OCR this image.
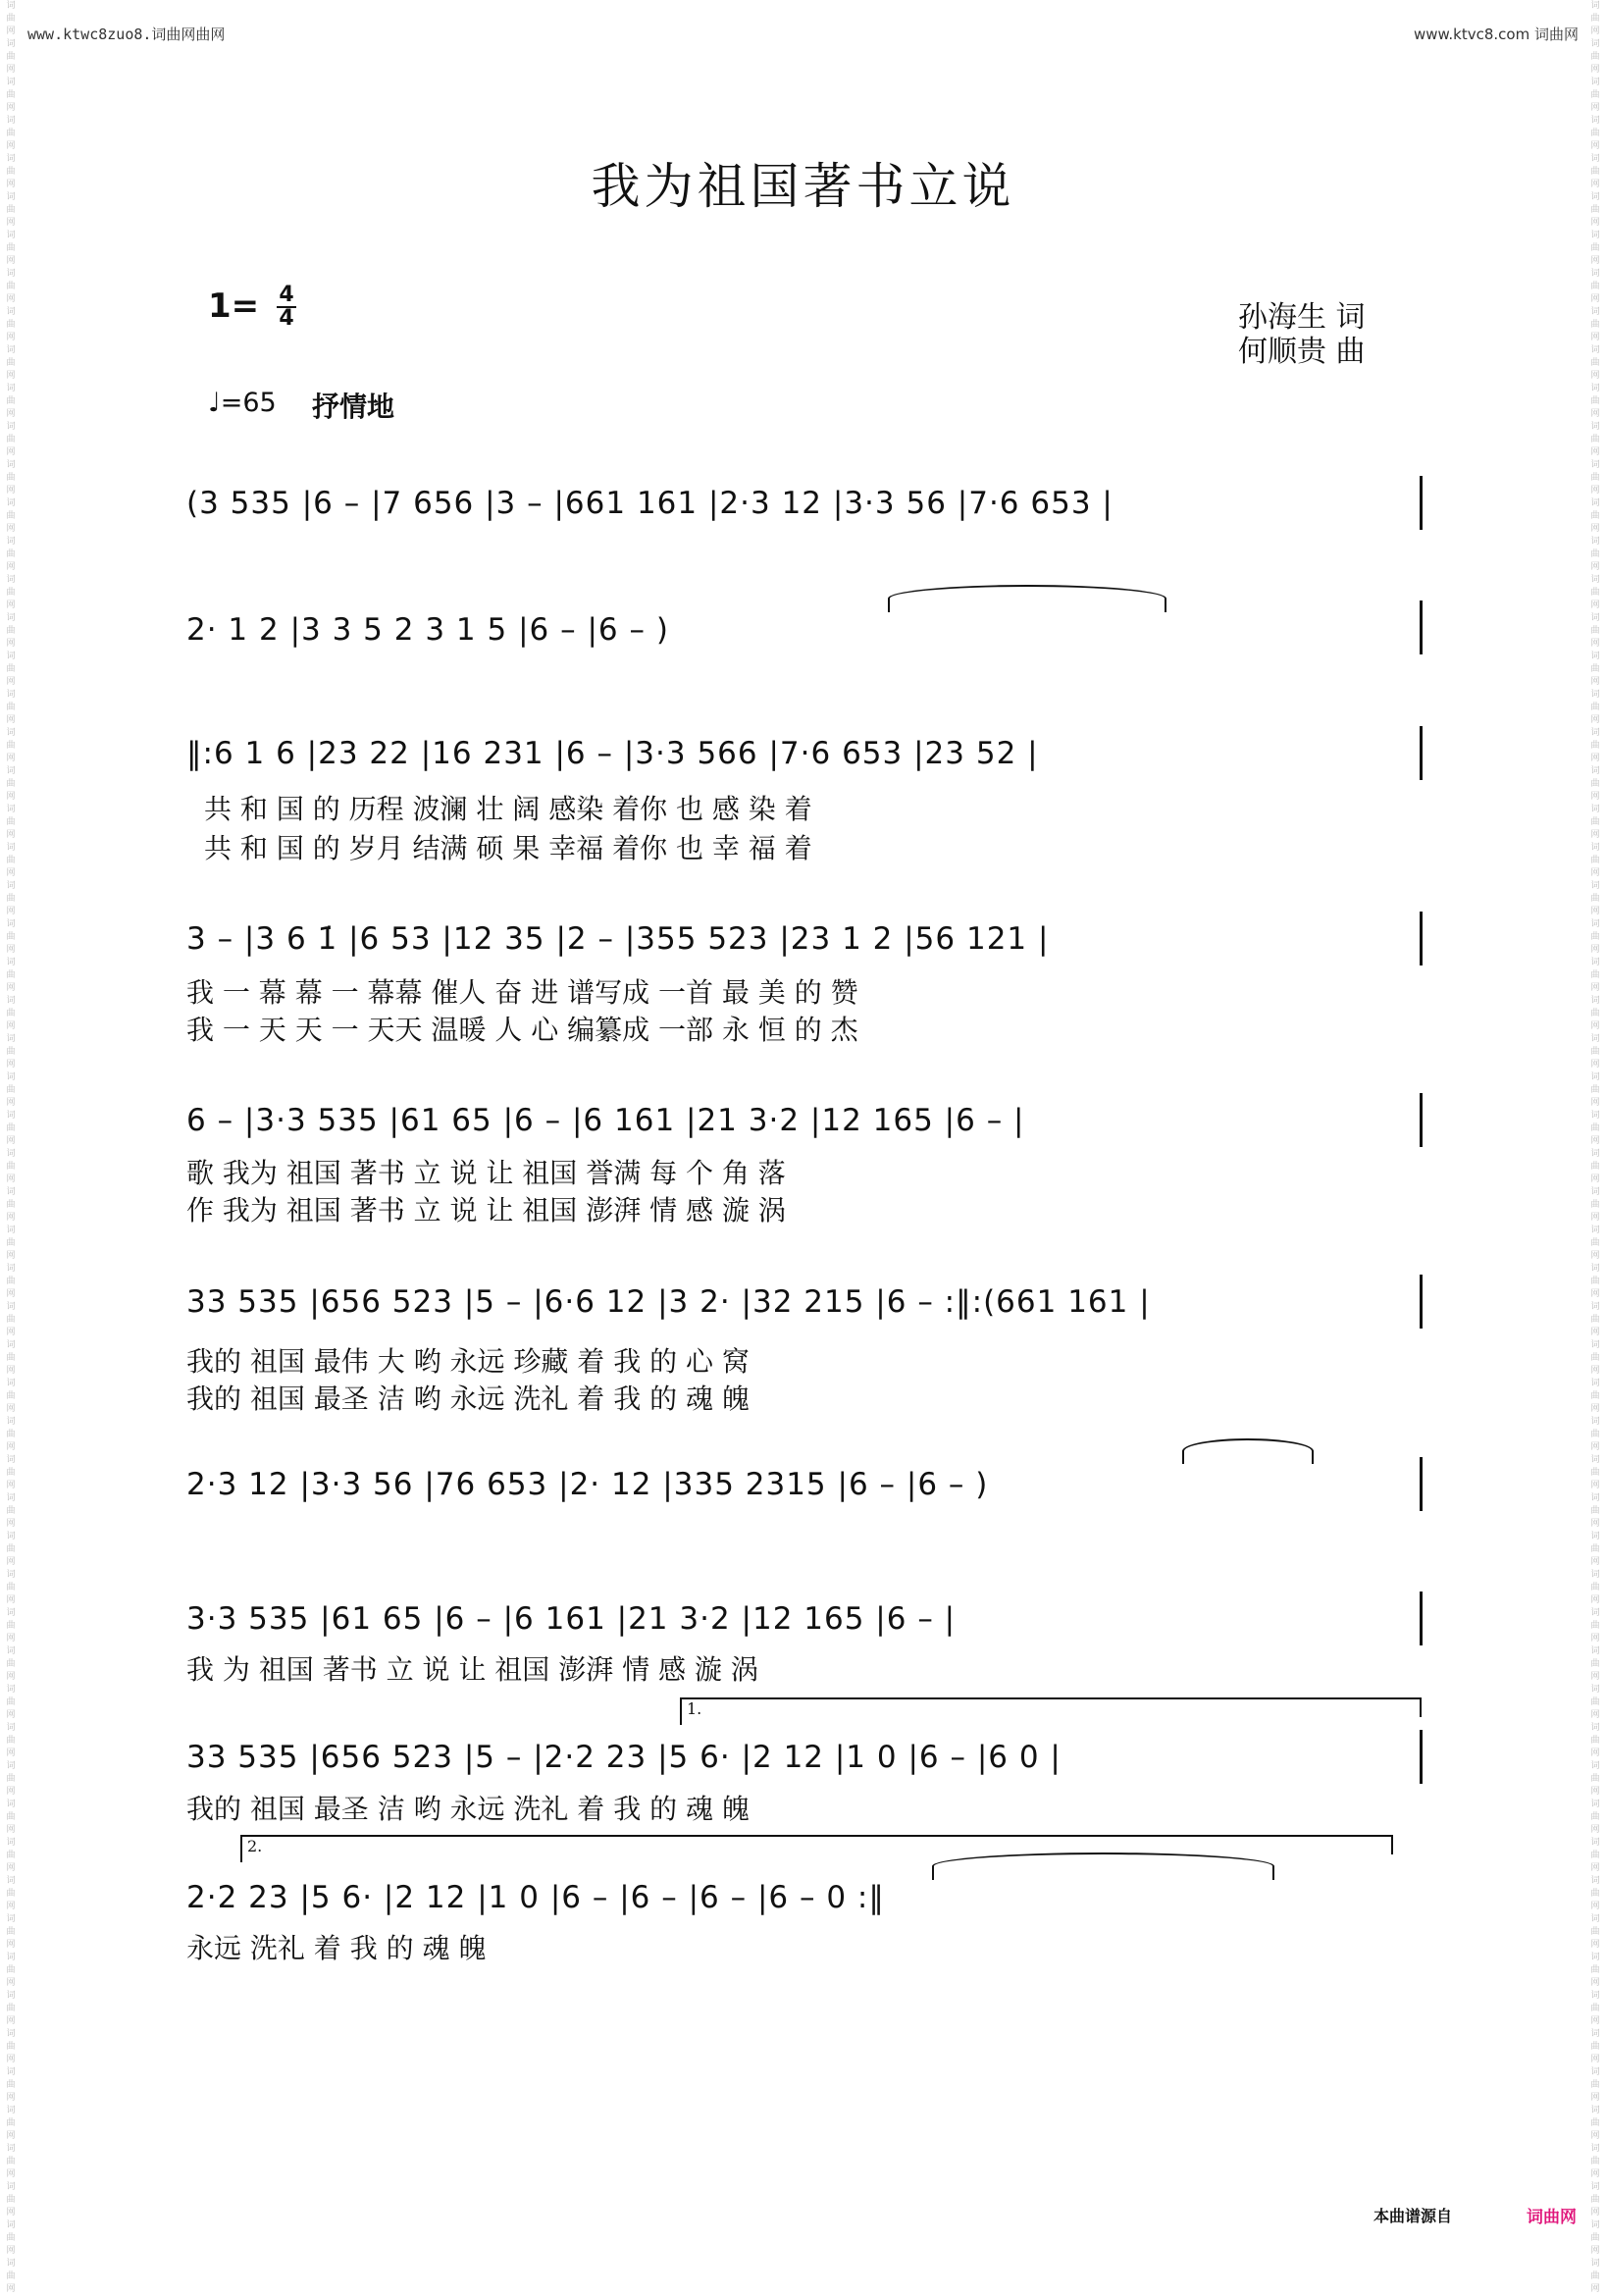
www.ktwc8zuo8.词曲网曲网	www.ktvc8.com 词曲网
词曲网词曲网词曲网词曲网词曲网词曲网词曲网词曲网词曲网词曲网词曲网词曲网词曲网词曲网词曲网词曲网词曲网词曲网词曲网词曲网词曲网词曲网词曲网词曲网词曲网词曲网词曲网词曲网词曲网词曲网词曲网词曲网词曲网词曲网词曲网词曲网词曲网词曲网词曲网词曲网词曲网词曲网词曲网词曲网词曲网词曲网词曲网词曲网词曲网词曲网词曲网词曲网词曲网词曲网词曲网词曲网词曲网词曲网词曲网词曲网
词曲网词曲网词曲网词曲网词曲网词曲网词曲网词曲网词曲网词曲网词曲网词曲网词曲网词曲网词曲网词曲网词曲网词曲网词曲网词曲网词曲网词曲网词曲网词曲网词曲网词曲网词曲网词曲网词曲网词曲网词曲网词曲网词曲网词曲网词曲网词曲网词曲网词曲网词曲网词曲网词曲网词曲网词曲网词曲网词曲网词曲网词曲网词曲网词曲网词曲网词曲网词曲网词曲网词曲网词曲网词曲网词曲网词曲网词曲网词曲网
我为祖国著书立说
$1= \frac{4}{4}$	孙海生 词
何顺贵 曲
♩=65 抒情地
(3 535 |6 – |7 656 |3 – |661 161 |2·3 12 |3·3 56 |7·6 653 |
2· 1 2 |3 3 5 2 3 1 5 |6 – |6 – )
‖:6 1 6 |23 22 |16 231 |6 – |3·3 566 |7·6 653 |23 52 |
共 和 国 的 历程 波澜 壮 阔 感染 着你 也 感 染 着
共 和 国 的 岁月 结满 硕 果 幸福 着你 也 幸 福 着
3 – |3 6 1̇ |6 53 |12 35 |2 – |355 523 |23 1 2 |56 121 |
我 一 幕 幕 一 幕幕 催人 奋 进 谱写成 一首 最 美 的 赞
我 一 天 天 一 天天 温暖 人 心 编纂成 一部 永 恒 的 杰
6 – |3·3 535 |61 65 |6 – |6 161 |21 3·2 |12 165 |6 – |
歌 我为 祖国 著书 立 说 让 祖国 誉满 每 个 角 落
作 我为 祖国 著书 立 说 让 祖国 澎湃 情 感 漩 涡
33 535 |656 523 |5 – |6·6 12 |3 2· |32 215 |6 – :‖:(661 161 |
我的 祖国 最伟 大 哟 永远 珍藏 着 我 的 心 窝
我的 祖国 最圣 洁 哟 永远 洗礼 着 我 的 魂 魄
2·3 12 |3·3 56 |76 653 |2· 12 |335 2315 |6 – |6 – )
3·3 535 |61 65 |6 – |6 161 |21 3·2 |12 165 |6 – |
我 为 祖国 著书 立 说 让 祖国 澎湃 情 感 漩 涡
1.
33 535 |656 523 |5 – |2·2 23 |5 6· |2 12 |1 0 |6 – |6 0 |
我的 祖国 最圣 洁 哟 永远 洗礼 着 我 的 魂 魄
2.
2·2 23 |5 6· |2 12 |1 0 |6 – |6 – |6 – |6 – 0 :‖
永远 洗礼 着 我 的 魂 魄
本曲谱源自	词曲网
